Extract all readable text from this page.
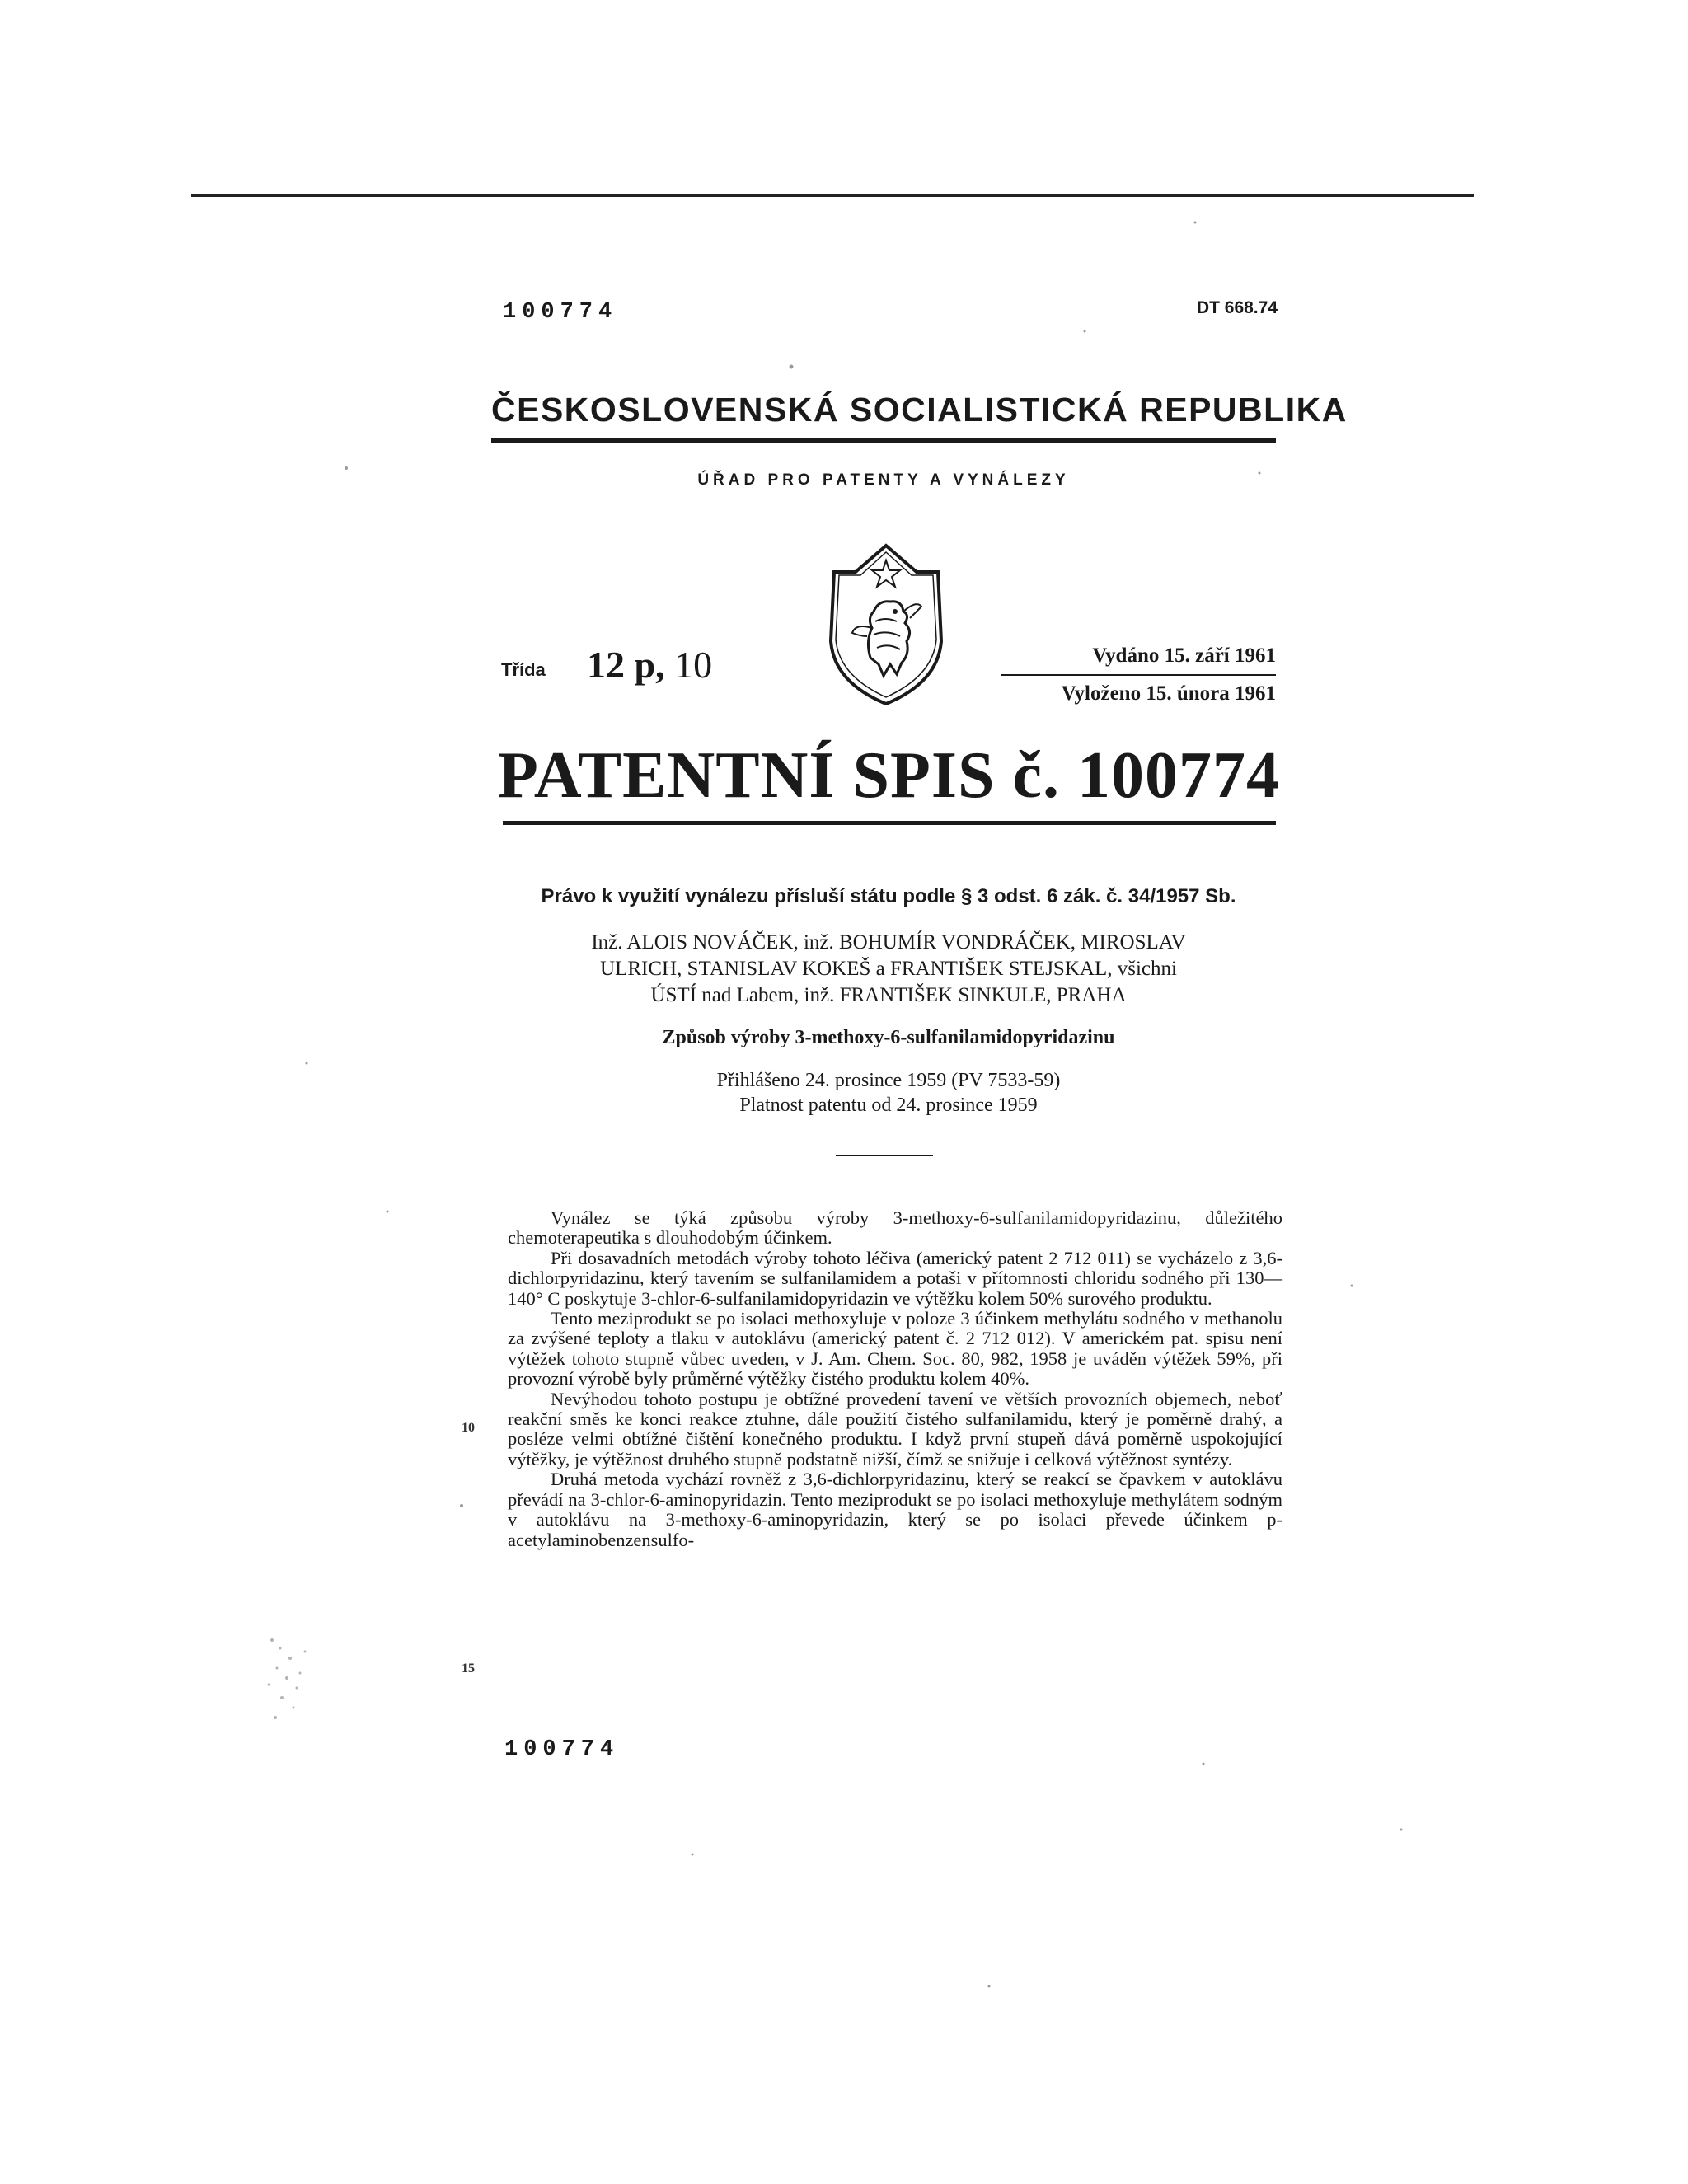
100774	DT 668.74
ČESKOSLOVENSKÁ SOCIALISTICKÁ REPUBLIKA
ÚŘAD PRO PATENTY A VYNÁLEZY
Třída 12 p, 10	Vydáno 15. září 1961
Vyloženo 15. února 1961
PATENTNÍ SPIS č. 100774
Právo k využití vynálezu přísluší státu podle § 3 odst. 6 zák. č. 34/1957 Sb.
Inž. ALOIS NOVÁČEK, inž. BOHUMÍR VONDRÁČEK, MIROSLAV
ULRICH, STANISLAV KOKEŠ a FRANTIŠEK STEJSKAL, všichni
ÚSTÍ nad Labem, inž. FRANTIŠEK SINKULE, PRAHA
Způsob výroby 3-methoxy-6-sulfanilamidopyridazinu
Přihlášeno 24. prosince 1959 (PV 7533-59)
Platnost patentu od 24. prosince 1959

Vynález se týká způsobu výroby 3-methoxy-6-sulfanilamidopyridazinu, důležitého chemoterapeutika s dlouhodobým účinkem.

Při dosavadních metodách výroby tohoto léčiva (americký patent 2 712 011) se vycházelo z 3,6-dichlorpyridazinu, který tavením se sulfanilamidem a potaši v přítomnosti chloridu sodného při 130—140° C poskytuje 3-chlor-6-sulfanilamidopyridazin ve výtěžku kolem 50% surového produktu.

Tento meziprodukt se po isolaci methoxyluje v poloze 3 účinkem methylátu sodného v methanolu za zvýšené teploty a tlaku v autoklávu (americký patent č. 2 712 012). V americkém pat. spisu není výtěžek tohoto stupně vůbec uveden, v J. Am. Chem. Soc. 80, 982, 1958 je uváděn výtěžek 59%, při provozní výrobě byly průměrné výtěžky čistého produktu kolem 40%.

Nevýhodou tohoto postupu je obtížné provedení tavení ve větších provozních objemech, neboť reakční směs ke konci reakce ztuhne, dále použití čistého sulfanilamidu, který je poměrně drahý, a posléze velmi obtížné čištění konečného produktu. I když první stupeň dává poměrně uspokojující výtěžky, je výtěžnost druhého stupně podstatně nižší, čímž se snižuje i celková výtěžnost syntézy.

Druhá metoda vychází rovněž z 3,6-dichlorpyridazinu, který se reakcí se čpavkem v autoklávu převádí na 3-chlor-6-aminopyridazin. Tento meziprodukt se po isolaci methoxyluje methylátem sodným v autoklávu na 3-methoxy-6-aminopyridazin, který se po isolaci převede účinkem p-acetylaminobenzensulfo-

10
15
100774
